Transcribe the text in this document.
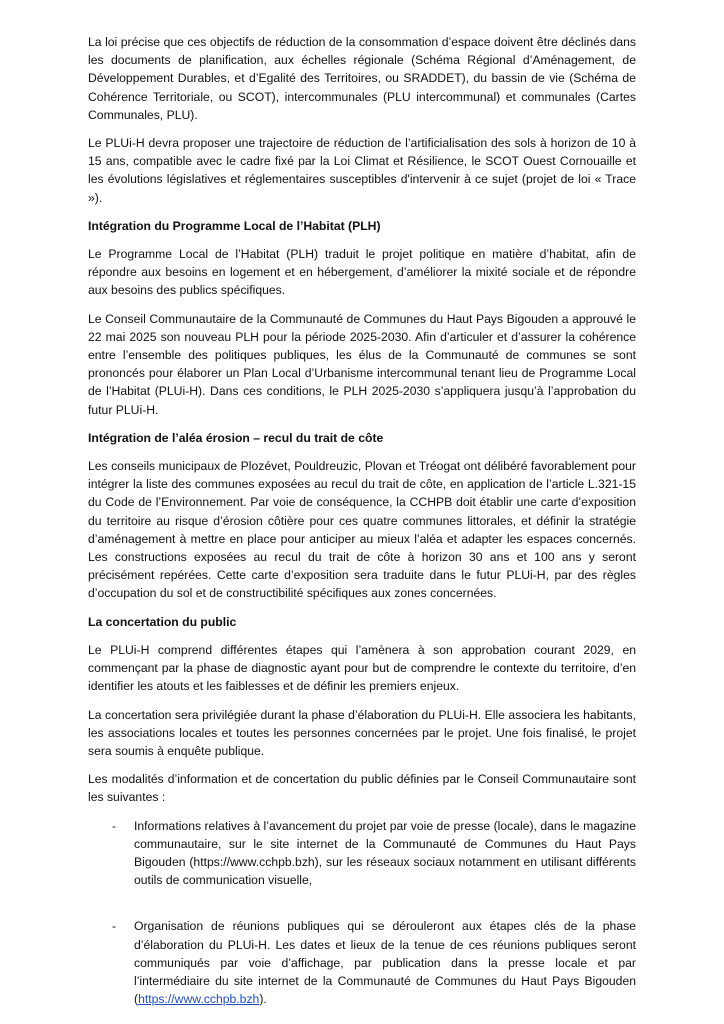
La loi précise que ces objectifs de réduction de la consommation d’espace doivent être déclinés dans les documents de planification, aux échelles régionale (Schéma Régional d’Aménagement, de Développement Durables, et d’Egalité des Territoires, ou SRADDET), du bassin de vie (Schéma de Cohérence Territoriale, ou SCOT), intercommunales (PLU intercommunal) et communales (Cartes Communales, PLU).

Le PLUi-H devra proposer une trajectoire de réduction de l’artificialisation des sols à horizon de 10 à 15 ans, compatible avec le cadre fixé par la Loi Climat et Résilience, le SCOT Ouest Cornouaille et les évolutions législatives et réglementaires susceptibles d'intervenir à ce sujet (projet de loi « Trace »).

Intégration du Programme Local de l’Habitat (PLH)

Le Programme Local de l’Habitat (PLH) traduit le projet politique en matière d’habitat, afin de répondre aux besoins en logement et en hébergement, d’améliorer la mixité sociale et de répondre aux besoins des publics spécifiques.

Le Conseil Communautaire de la Communauté de Communes du Haut Pays Bigouden a approuvé le 22 mai 2025 son nouveau PLH pour la période 2025-2030. Afin d’articuler et d’assurer la cohérence entre l’ensemble des politiques publiques, les élus de la Communauté de communes se sont prononcés pour élaborer un Plan Local d’Urbanisme intercommunal tenant lieu de Programme Local de l’Habitat (PLUi-H). Dans ces conditions, le PLH 2025-2030 s’appliquera jusqu’à l’approbation du futur PLUi-H.

Intégration de l’aléa érosion – recul du trait de côte

Les conseils municipaux de Plozévet, Pouldreuzic, Plovan et Tréogat ont délibéré favorablement pour intégrer la liste des communes exposées au recul du trait de côte, en application de l’article L.321-15 du Code de l’Environnement. Par voie de conséquence, la CCHPB doit établir une carte d’exposition du territoire au risque d’érosion côtière pour ces quatre communes littorales, et définir la stratégie d’aménagement à mettre en place pour anticiper au mieux l’aléa et adapter les espaces concernés. Les constructions exposées au recul du trait de côte à horizon 30 ans et 100 ans y seront précisément repérées. Cette carte d’exposition sera traduite dans le futur PLUi-H, par des règles d’occupation du sol et de constructibilité spécifiques aux zones concernées.

La concertation du public

Le PLUi-H comprend différentes étapes qui l’amènera à son approbation courant 2029, en commençant par la phase de diagnostic ayant pour but de comprendre le contexte du territoire, d’en identifier les atouts et les faiblesses et de définir les premiers enjeux.

La concertation sera privilégiée durant la phase d’élaboration du PLUi-H. Elle associera les habitants, les associations locales et toutes les personnes concernées par le projet. Une fois finalisé, le projet sera soumis à enquête publique.

Les modalités d’information et de concertation du public définies par le Conseil Communautaire sont les suivantes :

- Informations relatives à l’avancement du projet par voie de presse (locale), dans le magazine communautaire, sur le site internet de la Communauté de Communes du Haut Pays Bigouden (https://www.cchpb.bzh), sur les réseaux sociaux notamment en utilisant différents outils de communication visuelle,
- Organisation de réunions publiques qui se dérouleront aux étapes clés de la phase d’élaboration du PLUi-H. Les dates et lieux de la tenue de ces réunions publiques seront communiqués par voie d’affichage, par publication dans la presse locale et par l’intermédiaire du site internet de la Communauté de Communes du Haut Pays Bigouden (https://www.cchpb.bzh).
